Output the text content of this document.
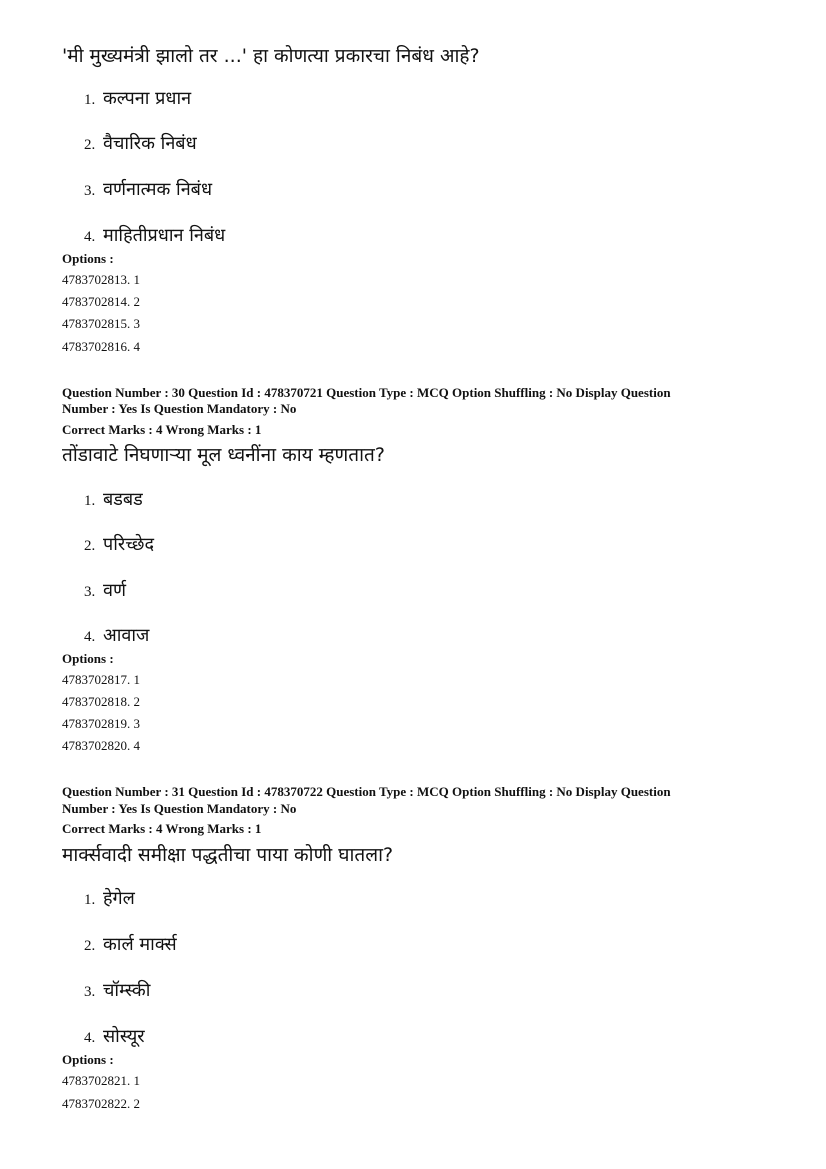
'मी मुख्यमंत्री झालो तर ...' हा कोणत्या प्रकारचा निबंध आहे?
1. कल्पना प्रधान
2. वैचारिक निबंध
3. वर्णनात्मक निबंध
4. माहितीप्रधान निबंध
Options :
4783702813. 1
4783702814. 2
4783702815. 3
4783702816. 4
Question Number : 30 Question Id : 478370721 Question Type : MCQ Option Shuffling : No Display Question
Number : Yes Is Question Mandatory : No
Correct Marks : 4 Wrong Marks : 1
तोंडावाटे निघणाऱ्या मूल ध्वनींना काय म्हणतात?
1. बडबड
2. परिच्छेद
3. वर्ण
4. आवाज
Options :
4783702817. 1
4783702818. 2
4783702819. 3
4783702820. 4
Question Number : 31 Question Id : 478370722 Question Type : MCQ Option Shuffling : No Display Question
Number : Yes Is Question Mandatory : No
Correct Marks : 4 Wrong Marks : 1
मार्क्सवादी समीक्षा पद्धतीचा पाया कोणी घातला?
1. हेगेल
2. कार्ल मार्क्स
3. चॉम्स्की
4. सोस्यूर
Options :
4783702821. 1
4783702822. 2
